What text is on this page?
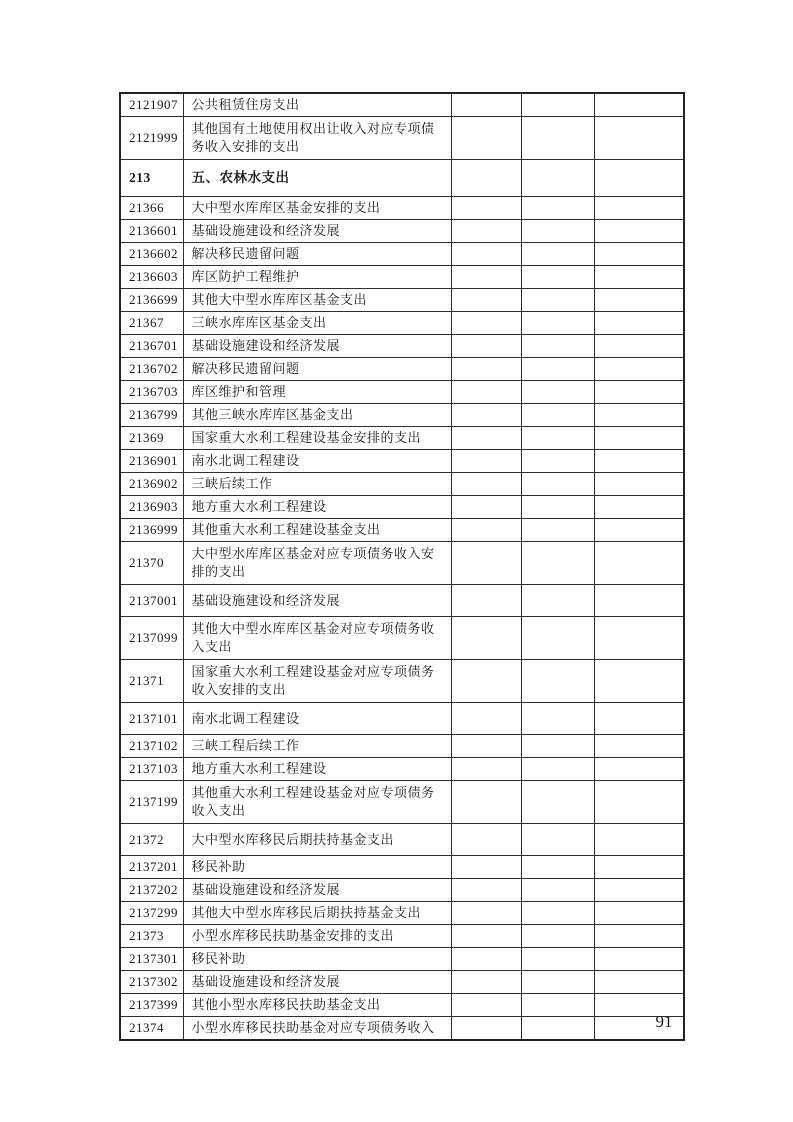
2121907	公共租赁住房支出			
2121999	其他国有土地使用权出让收入对应专项债务收入安排的支出			
213	五、农林水支出			
21366	大中型水库库区基金安排的支出			
2136601	基础设施建设和经济发展			
2136602	解决移民遗留问题			
2136603	库区防护工程维护			
2136699	其他大中型水库库区基金支出			
21367	三峡水库库区基金支出			
2136701	基础设施建设和经济发展			
2136702	解决移民遗留问题			
2136703	库区维护和管理			
2136799	其他三峡水库库区基金支出			
21369	国家重大水利工程建设基金安排的支出			
2136901	南水北调工程建设			
2136902	三峡后续工作			
2136903	地方重大水利工程建设			
2136999	其他重大水利工程建设基金支出			
21370	大中型水库库区基金对应专项债务收入安排的支出			
2137001	基础设施建设和经济发展			
2137099	其他大中型水库库区基金对应专项债务收入支出			
21371	国家重大水利工程建设基金对应专项债务收入安排的支出			
2137101	南水北调工程建设			
2137102	三峡工程后续工作			
2137103	地方重大水利工程建设			
2137199	其他重大水利工程建设基金对应专项债务收入支出			
21372	大中型水库移民后期扶持基金支出			
2137201	移民补助			
2137202	基础设施建设和经济发展			
2137299	其他大中型水库移民后期扶持基金支出			
21373	小型水库移民扶助基金安排的支出			
2137301	移民补助			
2137302	基础设施建设和经济发展			
2137399	其他小型水库移民扶助基金支出			
21374	小型水库移民扶助基金对应专项债务收入				91
